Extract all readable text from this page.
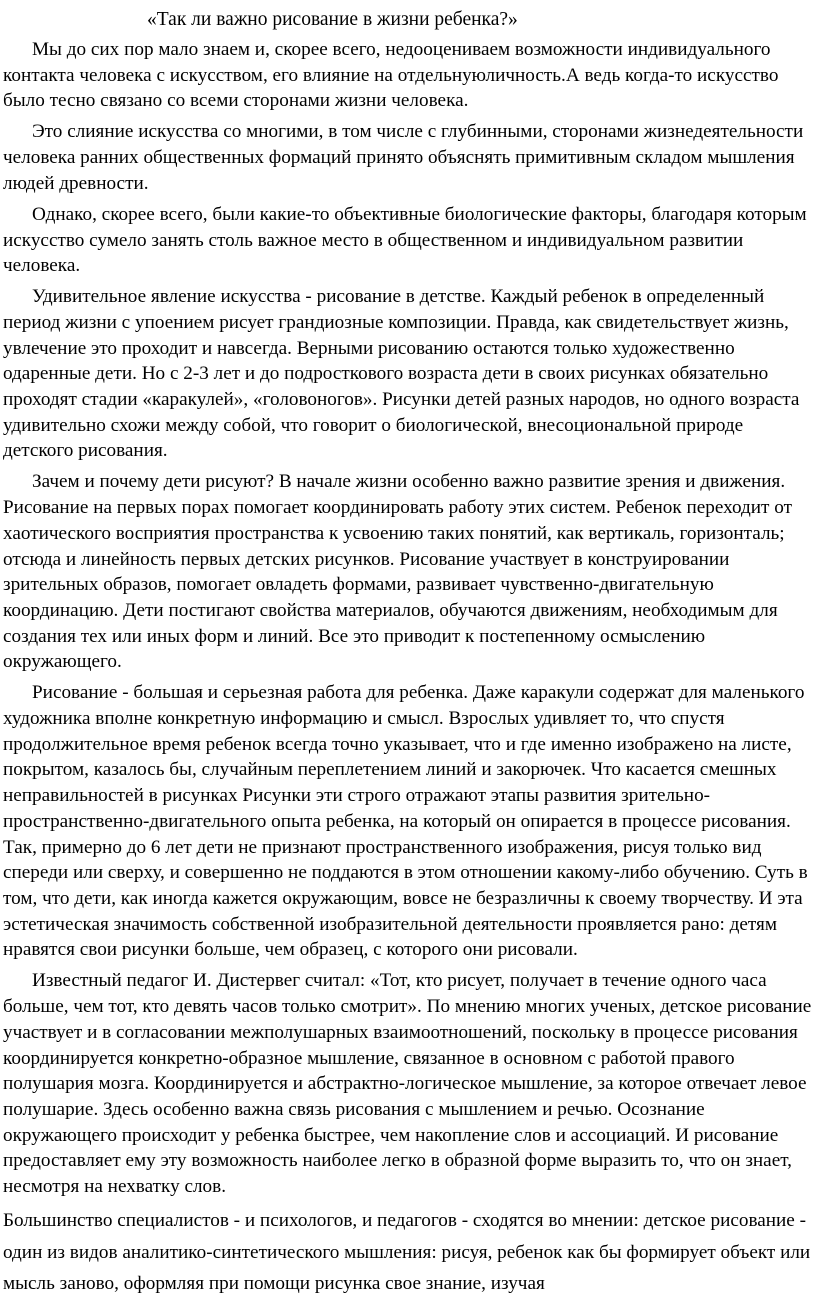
«Так ли важно рисование в жизни ребенка?»

Мы до сих пор мало знаем и, скорее всего, недооцениваем возможности индивидуального контакта человека с искусством, его влияние на отдельнуюличность.А ведь когда-то искусство было тесно связано со всеми сторонами жизни человека.

Это слияние искусства со многими, в том числе с глубинными, сторонами жизнедеятельности человека ранних общественных формаций принято объяснять примитивным складом мышления людей древности.

Однако, скорее всего, были какие-то объективные биологические факторы, благодаря которым искусство сумело занять столь важное место в общественном и индивидуальном развитии человека.

Удивительное явление искусства - рисование в детстве. Каждый ребенок в определенный период жизни с упоением рисует грандиозные композиции. Правда, как свидетельствует жизнь, увлечение это проходит и навсегда. Верными рисованию остаются только художественно одаренные дети. Но с 2-3 лет и до подросткового возраста дети в своих рисунках обязательно проходят стадии «каракулей», «головоногов». Рисунки детей разных народов, но одного возраста удивительно схожи между собой, что говорит о биологической, внесоциональной природе детского рисования.

Зачем и почему дети рисуют? В начале жизни особенно важно развитие зрения и движения. Рисование на первых порах помогает координировать работу этих систем. Ребенок переходит от хаотического восприятия пространства к усвоению таких понятий, как вертикаль, горизонталь; отсюда и линейность первых детских рисунков. Рисование участвует в конструировании зрительных образов, помогает овладеть формами, развивает чувственно-двигательную координацию. Дети постигают свойства материалов, обучаются движениям, необходимым для создания тех или иных форм и линий. Все это приводит к постепенному осмыслению окружающего.

Рисование - большая и серьезная работа для ребенка. Даже каракули содержат для маленького художника вполне конкретную информацию и смысл. Взрослых удивляет то, что спустя продолжительное время ребенок всегда точно указывает, что и где именно изображено на листе, покрытом, казалось бы, случайным переплетением линий и закорючек. Что касается смешных неправильностей в рисунках Рисунки эти строго отражают этапы развития зрительно-пространственно-двигательного опыта ребенка, на который он опирается в процессе рисования. Так, примерно до 6 лет дети не признают пространственного изображения, рисуя только вид спереди или сверху, и совершенно не поддаются в этом отношении какому-либо обучению. Суть в том, что дети, как иногда кажется окружающим, вовсе не безразличны к своему творчеству. И эта эстетическая значимость собственной изобразительной деятельности проявляется рано: детям нравятся свои рисунки больше, чем образец, с которого они рисовали.

Известный педагог И. Дистервег считал: «Тот, кто рисует, получает в течение одного часа больше, чем тот, кто девять часов только смотрит». По мнению многих ученых, детское рисование участвует и в согласовании межполушарных взаимоотношений, поскольку в процессе рисования координируется конкретно-образное мышление, связанное в основном с работой правого полушария мозга. Координируется и абстрактно-логическое мышление, за которое отвечает левое полушарие. Здесь особенно важна связь рисования с мышлением и речью. Осознание окружающего происходит у ребенка быстрее, чем накопление слов и ассоциаций. И рисование предоставляет ему эту возможность наиболее легко в образной форме выразить то, что он знает, несмотря на нехватку слов.

Большинство специалистов - и психологов, и педагогов - сходятся во мнении: детское рисование - один из видов аналитико-синтетического мышления: рисуя, ребенок как бы формирует объект или мысль заново, оформляя при помощи рисунка свое знание, изучая
